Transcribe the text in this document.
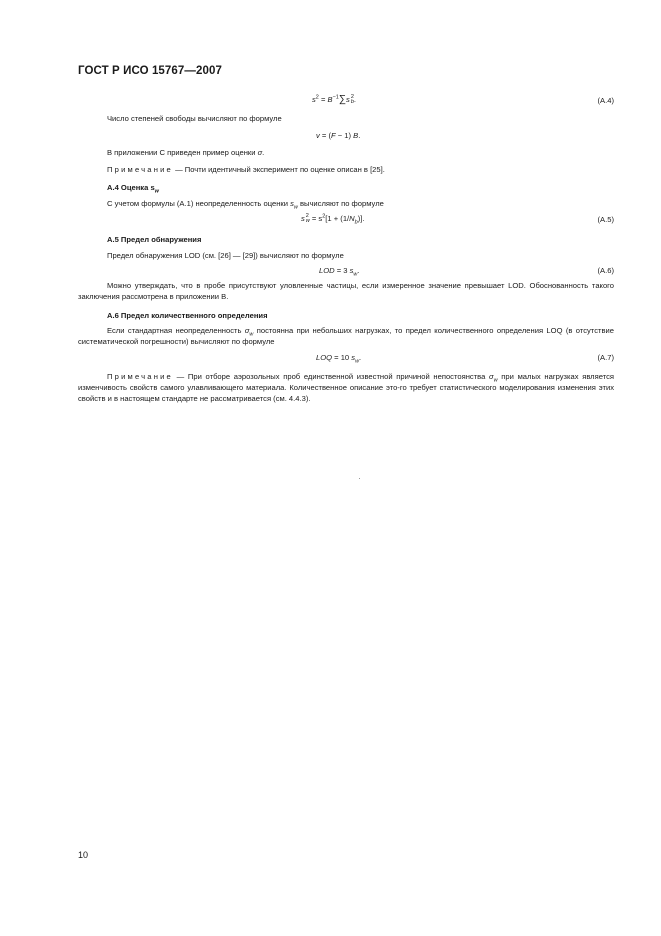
ГОСТ Р ИСО 15767—2007
$s^2 = B^{-1}\sum s$ 2
b .	(A.4)
Число степеней свободы вычисляют по формуле
v = (F − 1) B.
В приложении С приведен пример оценки σ.
Примечание — Почти идентичный эксперимент по оценке описан в [25].
А.4 Оценка $s_w$
С учетом формулы (А.1) неопределенность оценки $s_w$ вычисляют по формуле
s 2
$w = s^2[1 + (1/N_b)]$.	(A.5)
А.5 Предел обнаружения
Предел обнаружения LOD (см. [26] — [29]) вычисляют по формуле
LOD = 3 $s_w$.	(A.6)
Можно утверждать, что в пробе присутствуют уловленные частицы, если измеренное значение превышает LOD. Обоснованность такого заключения рассмотрена в приложении В.
А.6 Предел количественного определения
Если стандартная неопределенность $\sigma_w$ постоянна при небольших нагрузках, то предел количественного определения LOQ (в отсутствие систематической погрешности) вычисляют по формуле
LOQ = 10 $s_w$.	(A.7)
Примечание — При отборе аэрозольных проб единственной известной причиной непостоянства $\sigma_w$ при малых нагрузках является изменчивость свойств самого улавливающего материала. Количественное описание это-го требует статистического моделирования изменения этих свойств и в настоящем стандарте не рассматривается (см. 4.4.3).
10
